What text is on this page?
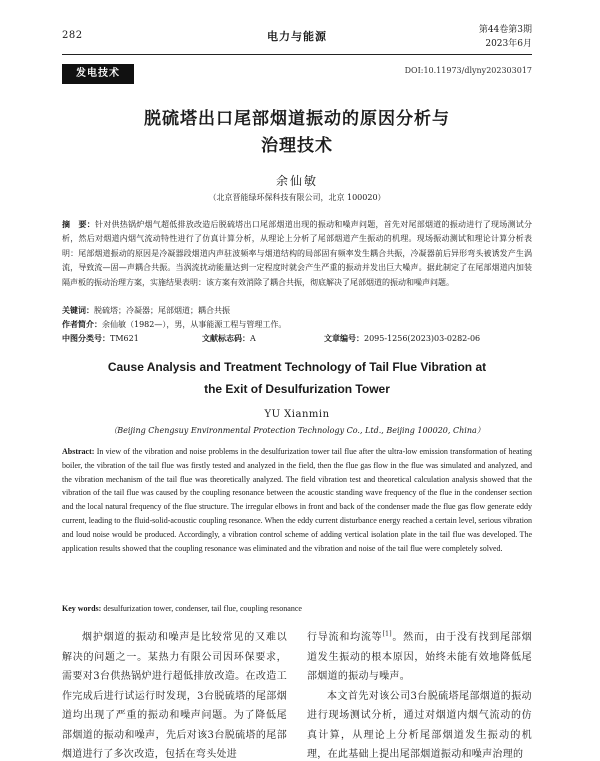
282	电力与能源	第44卷第3期
2023年6月
发电技术	DOI:10.11973/dlyny202303017
脱硫塔出口尾部烟道振动的原因分析与
治理技术
余仙敏
（北京晋能绿环保科技有限公司，北京 100020）
摘　要：针对供热锅炉烟气超低排放改造后脱硫塔出口尾部烟道出现的振动和噪声问题，首先对尾部烟道的振动进行了现场测试分析，然后对烟道内烟气流动特性进行了仿真计算分析，从理论上分析了尾部烟道产生振动的机理。现场振动测试和理论计算分析表明：尾部烟道振动的原因是冷凝器段烟道内声驻波频率与烟道结构的局部固有频率发生耦合共振，冷凝器前后异形弯头被诱发产生涡流，导致流—固—声耦合共振。当涡流扰动能量达到一定程度时就会产生严重的振动并发出巨大噪声。据此制定了在尾部烟道内加装隔声板的振动治理方案，实施结果表明：该方案有效消除了耦合共振，彻底解决了尾部烟道的振动和噪声问题。
关键词：脱硫塔；冷凝器；尾部烟道；耦合共振
作者简介：余仙敏（1982—），男，从事能源工程与管理工作。
中图分类号：TM621	文献标志码：A	文章编号：2095-1256(2023)03-0282-06
Cause Analysis and Treatment Technology of Tail Flue Vibration at
the Exit of Desulfurization Tower
YU Xianmin
（Beijing Chengsuy Environmental Protection Technology Co., Ltd., Beijing 100020, China）
Abstract: In view of the vibration and noise problems in the desulfurization tower tail flue after the ultra-low emission transformation of heating boiler, the vibration of the tail flue was firstly tested and analyzed in the field, then the flue gas flow in the flue was simulated and analyzed, and the vibration mechanism of the tail flue was theoretically analyzed. The field vibration test and theoretical calculation analysis showed that the vibration of the tail flue was caused by the coupling resonance between the acoustic standing wave frequency of the flue in the condenser section and the local natural frequency of the flue structure. The irregular elbows in front and back of the condenser made the flue gas flow generate eddy current, leading to the fluid-solid-acoustic coupling resonance. When the eddy current disturbance energy reached a certain level, serious vibration and loud noise would be produced. Accordingly, a vibration control scheme of adding vertical isolation plate in the tail flue was developed. The application results showed that the coupling resonance was eliminated and the vibration and noise of the tail flue were completely solved.
Key words: desulfurization tower, condenser, tail flue, coupling resonance
烟护烟道的振动和噪声是比较常见的又难以解决的问题之一。某热力有限公司因环保要求，需要对3台供热锅炉进行超低排放改造。在改造工作完成后进行试运行时发现，3台脱硫塔的尾部烟道均出现了严重的振动和噪声问题。为了降低尾部烟道的振动和噪声，先后对该3台脱硫塔的尾部烟道进行了多次改造，包括在弯头处进

行导流和均流等[1]。然而，由于没有找到尾部烟道发生振动的根本原因，始终未能有效地降低尾部烟道的振动与噪声。

本文首先对该公司3台脱硫塔尾部烟道的振动进行现场测试分析，通过对烟道内烟气流动的仿真计算，从理论上分析尾部烟道发生振动的机理，在此基础上提出尾部烟道振动和噪声治理的
